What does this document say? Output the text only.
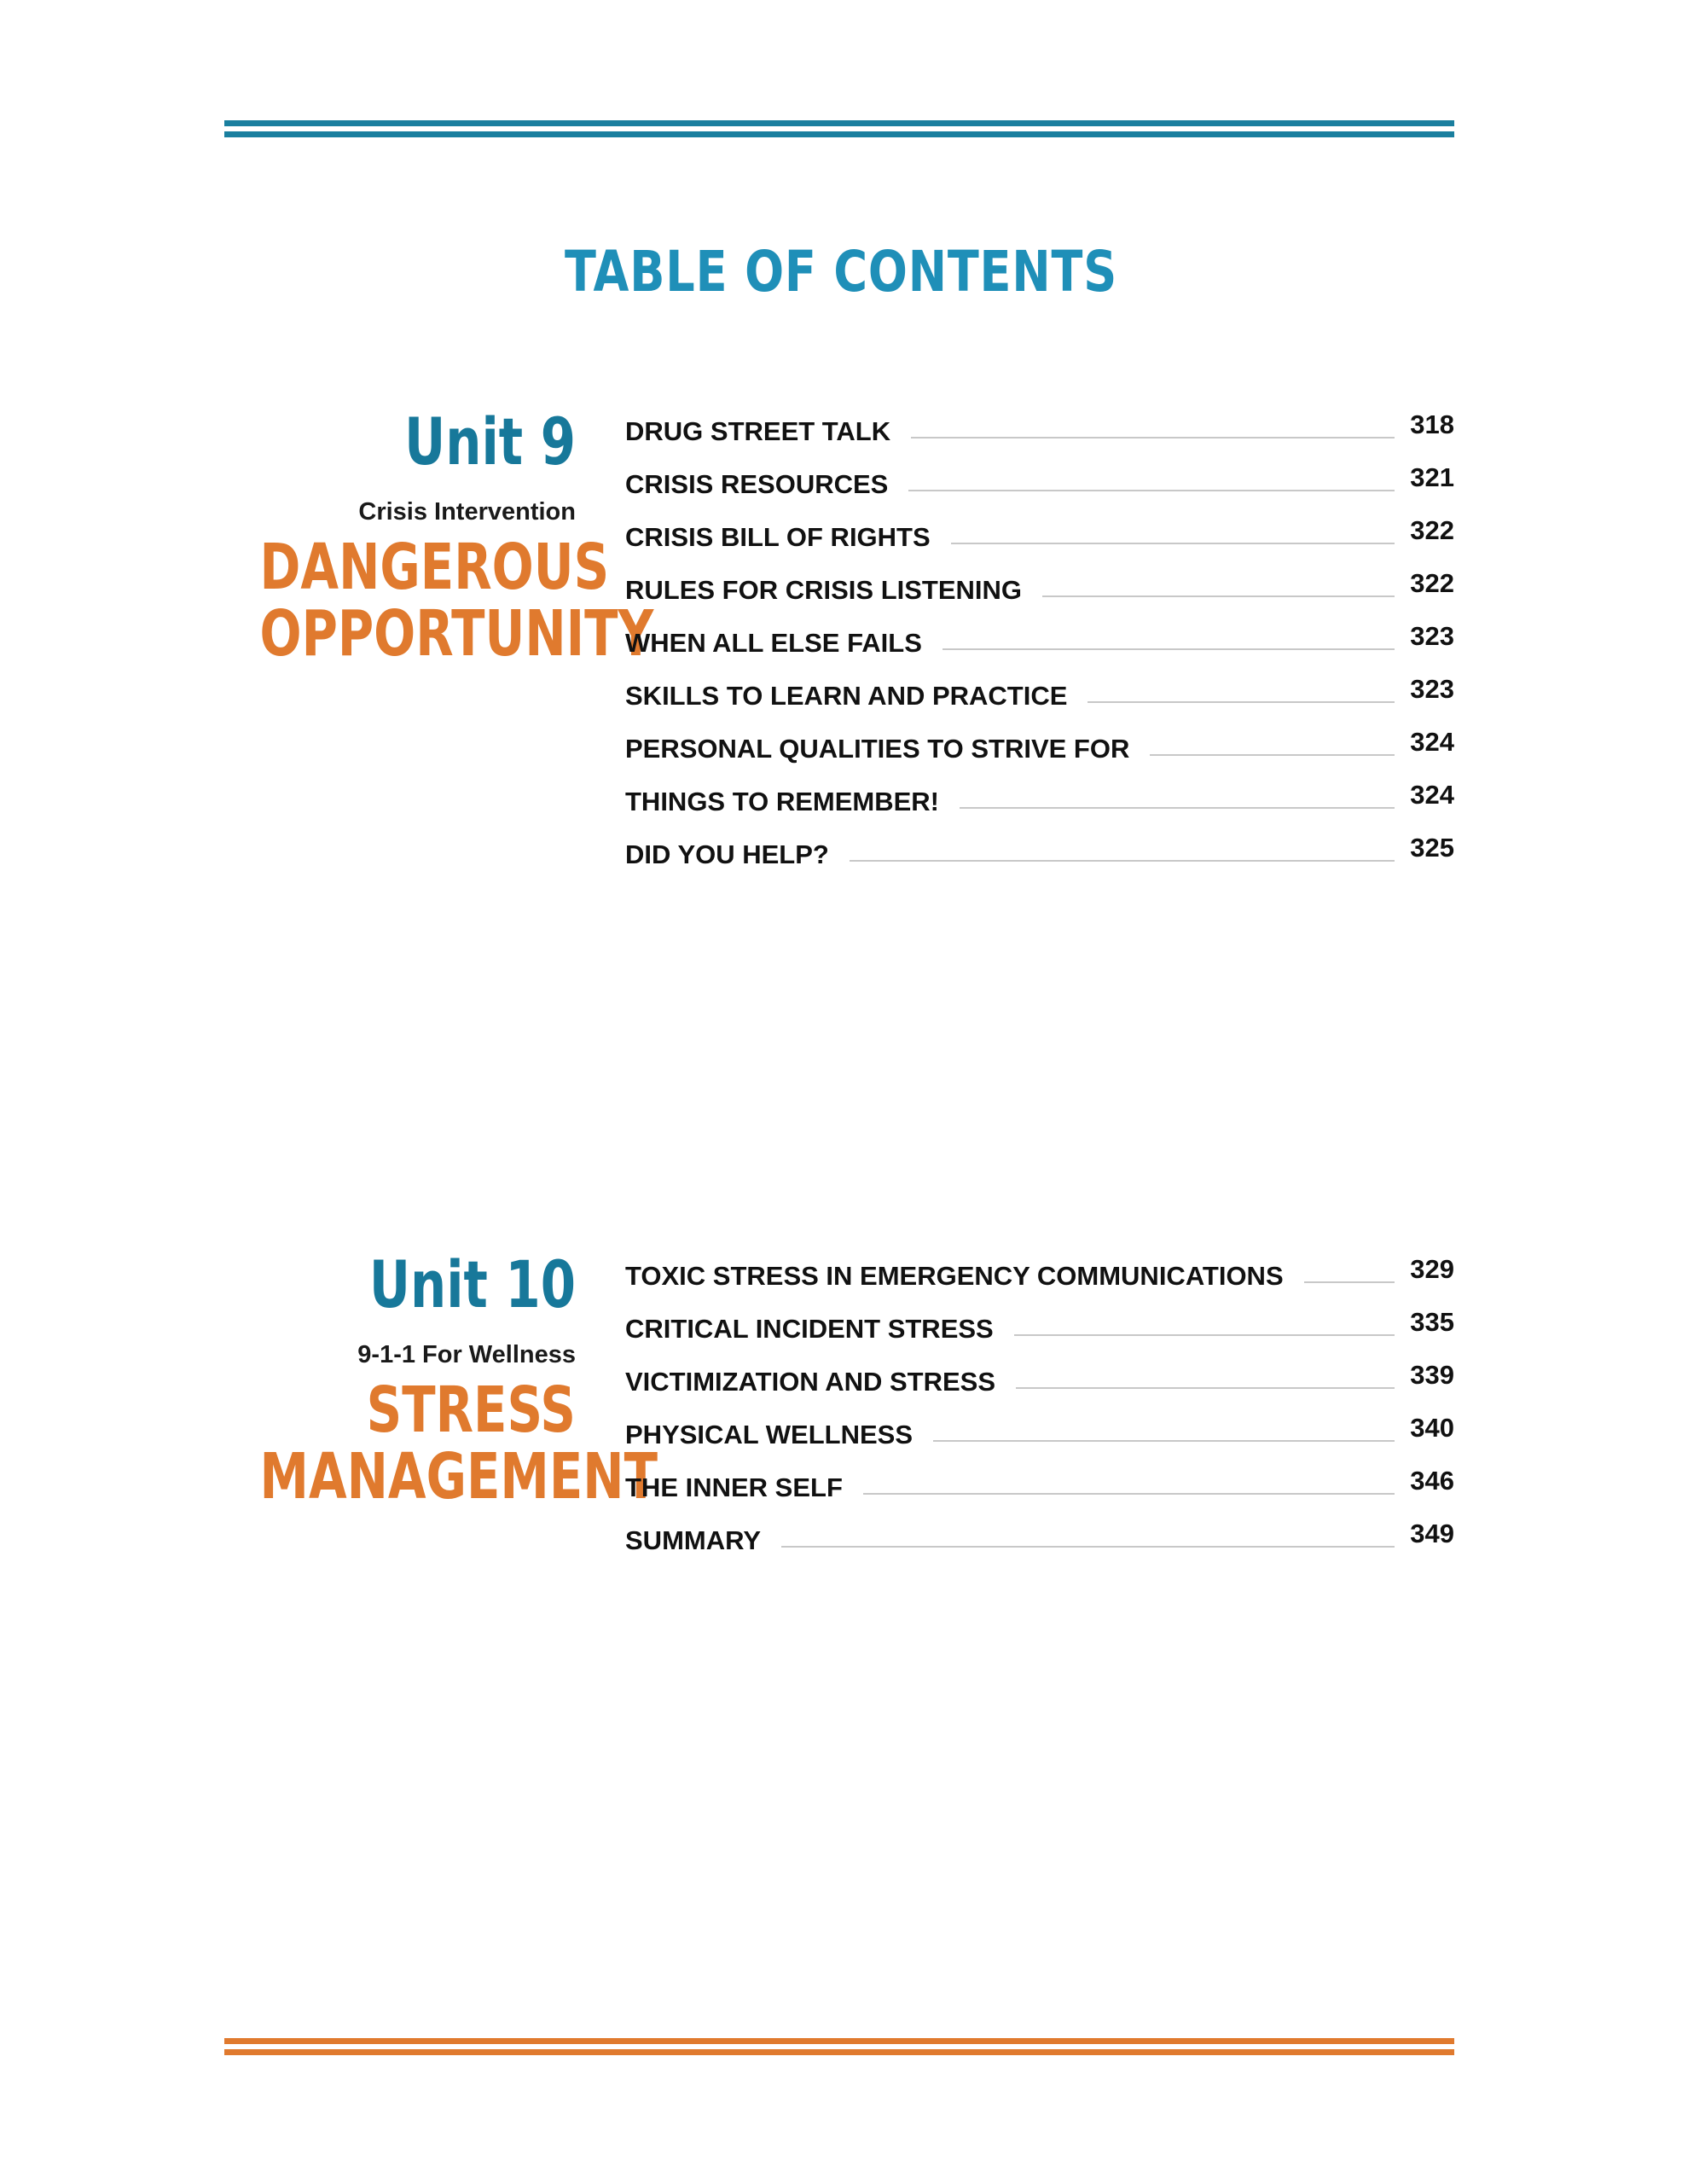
TABLE OF CONTENTS
Unit 9
Crisis Intervention
DANGEROUS
OPPORTUNITY
DRUG STREET TALK	318
CRISIS RESOURCES	321
CRISIS BILL OF RIGHTS	322
RULES FOR CRISIS LISTENING	322
WHEN ALL ELSE FAILS	323
SKILLS TO LEARN AND PRACTICE	323
PERSONAL QUALITIES TO STRIVE FOR	324
THINGS TO REMEMBER!	324
DID YOU HELP?	325
Unit 10
9-1-1 For Wellness
STRESS
MANAGEMENT
TOXIC STRESS IN EMERGENCY COMMUNICATIONS	329
CRITICAL INCIDENT STRESS	335
VICTIMIZATION AND STRESS	339
PHYSICAL WELLNESS	340
THE INNER SELF	346
SUMMARY	349
